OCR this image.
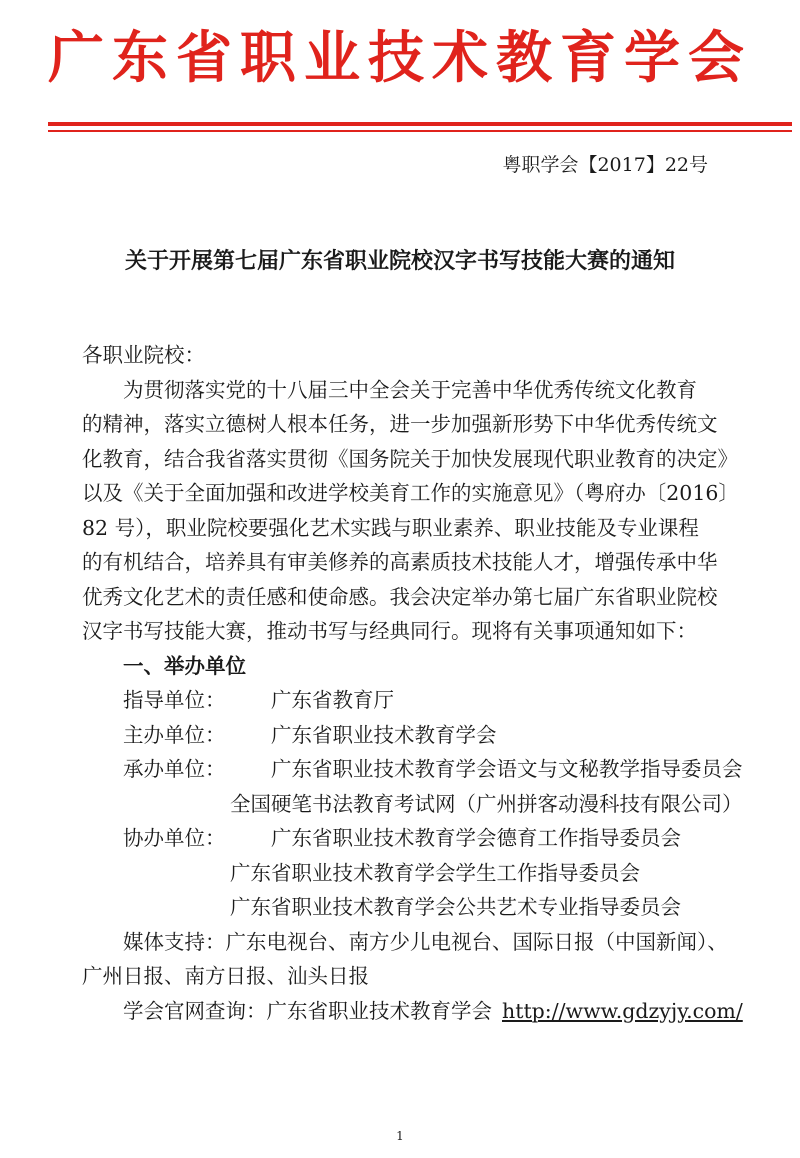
广东省职业技术教育学会
粤职学会【2017】22号
关于开展第七届广东省职业院校汉字书写技能大赛的通知
各职业院校：
为贯彻落实党的十八届三中全会关于完善中华优秀传统文化教育
的精神，落实立德树人根本任务，进一步加强新形势下中华优秀传统文
化教育，结合我省落实贯彻《国务院关于加快发展现代职业教育的决定》
以及《关于全面加强和改进学校美育工作的实施意见》（粤府办〔2016〕
82 号），职业院校要强化艺术实践与职业素养、职业技能及专业课程
的有机结合，培养具有审美修养的高素质技术技能人才，增强传承中华
优秀文化艺术的责任感和使命感。我会决定举办第七届广东省职业院校
汉字书写技能大赛，推动书写与经典同行。现将有关事项通知如下：
一、举办单位
指导单位：	广东省教育厅
主办单位：	广东省职业技术教育学会
承办单位：	广东省职业技术教育学会语文与文秘教学指导委员会
全国硬笔书法教育考试网（广州拼客动漫科技有限公司）
协办单位：	广东省职业技术教育学会德育工作指导委员会
广东省职业技术教育学会学生工作指导委员会
广东省职业技术教育学会公共艺术专业指导委员会
媒体支持： 广东电视台、南方少儿电视台、国际日报（中国新闻）、
广州日报、南方日报、汕头日报
学会官网查询： 广东省职业技术教育学会 http://www.gdzyjy.com/
1
